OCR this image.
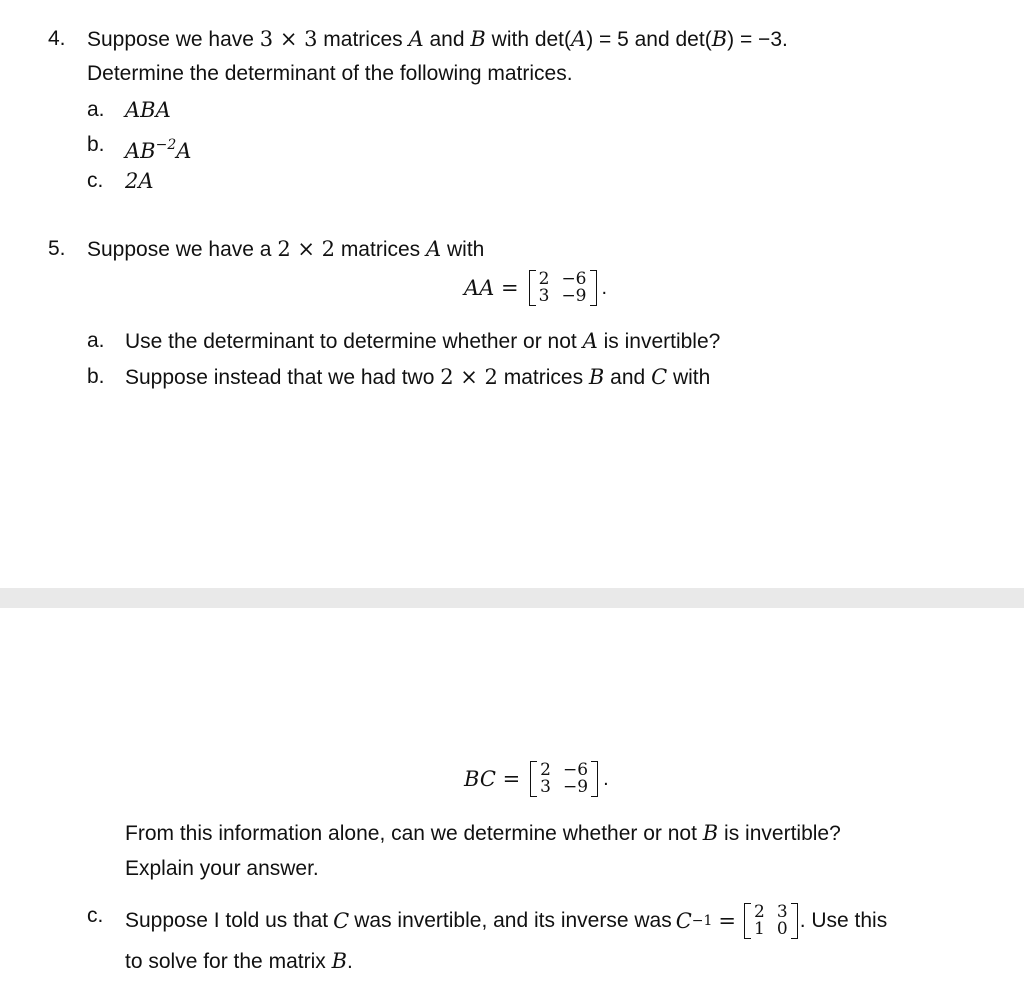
4. Suppose we have 3 × 3 matrices A and B with det(A) = 5 and det(B) = −3.
Determine the determinant of the following matrices.
a. ABA
b. $AB^{-2}A$
c. 2A
5. Suppose we have a 2 × 2 matrices A with
AA = 2 −6
3 −9 .
a. Use the determinant to determine whether or not A is invertible?
b. Suppose instead that we had two 2 × 2 matrices B and C with
BC = 2 −6
3 −9 .
From this information alone, can we determine whether or not B is invertible?
Explain your answer.
c. Suppose I told us that C was invertible, and its inverse was C −1 = 2 3
1 0 . Use this
to solve for the matrix B.
